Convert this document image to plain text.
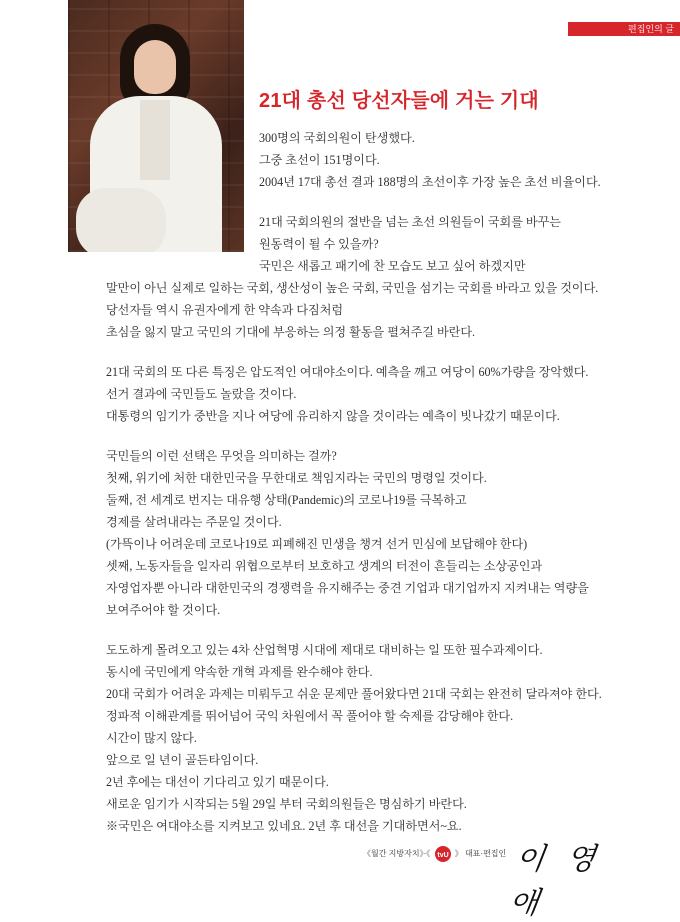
편집인의 글
21대 총선 당선자들에 거는 기대
300명의 국회의원이 탄생했다.
그중 초선이 151명이다.
2004년 17대 총선 결과 188명의 초선이후 가장 높은 초선 비율이다.
21대 국회의원의 절반을 넘는 초선 의원들이 국회를 바꾸는
원동력이 될 수 있을까?
국민은 새롭고 패기에 찬 모습도 보고 싶어 하겠지만
말만이 아닌 실제로 일하는 국회, 생산성이 높은 국회, 국민을 섬기는 국회를 바라고 있을 것이다.
당선자들 역시 유권자에게 한 약속과 다짐처럼
초심을 잃지 말고 국민의 기대에 부응하는 의정 활동을 펼쳐주길 바란다.
21대 국회의 또 다른 특징은 압도적인 여대야소이다. 예측을 깨고 여당이 60%가량을 장악했다.
선거 결과에 국민들도 놀랐을 것이다.
대통령의 임기가 중반을 지나 여당에 유리하지 않을 것이라는 예측이 빗나갔기 때문이다.
국민들의 이런 선택은 무엇을 의미하는 걸까?
첫째, 위기에 처한 대한민국을 무한대로 책임지라는 국민의 명령일 것이다.
둘째, 전 세계로 번지는 대유행 상태(Pandemic)의 코로나19를 극복하고
경제를 살려내라는 주문일 것이다.
(가뜩이나 어려운데 코로나19로 피폐해진 민생을 챙겨 선거 민심에 보답해야 한다)
셋째, 노동자들을 일자리 위협으로부터 보호하고 생계의 터전이 흔들리는 소상공인과
자영업자뿐 아니라 대한민국의 경쟁력을 유지해주는 중견 기업과 대기업까지 지켜내는 역량을
보여주어야 할 것이다.
도도하게 몰려오고 있는 4차 산업혁명 시대에 제대로 대비하는 일 또한 필수과제이다.
동시에 국민에게 약속한 개혁 과제를 완수해야 한다.
20대 국회가 어려운 과제는 미뤄두고 쉬운 문제만 풀어왔다면 21대 국회는 완전히 달라져야 한다.
정파적 이해관계를 뛰어넘어 국익 차원에서 꼭 풀어야 할 숙제를 감당해야 한다.
시간이 많지 않다.
앞으로 일 년이 골든타임이다.
2년 후에는 대선이 기다리고 있기 때문이다.
새로운 임기가 시작되는 5월 29일 부터 국회의원들은 명심하기 바란다.
※국민은 여대야소를 지켜보고 있네요. 2년 후 대선을 기대하면서~요.
《월간 지방자치》·《 tvU 》 대표·편집인 이 영 애
